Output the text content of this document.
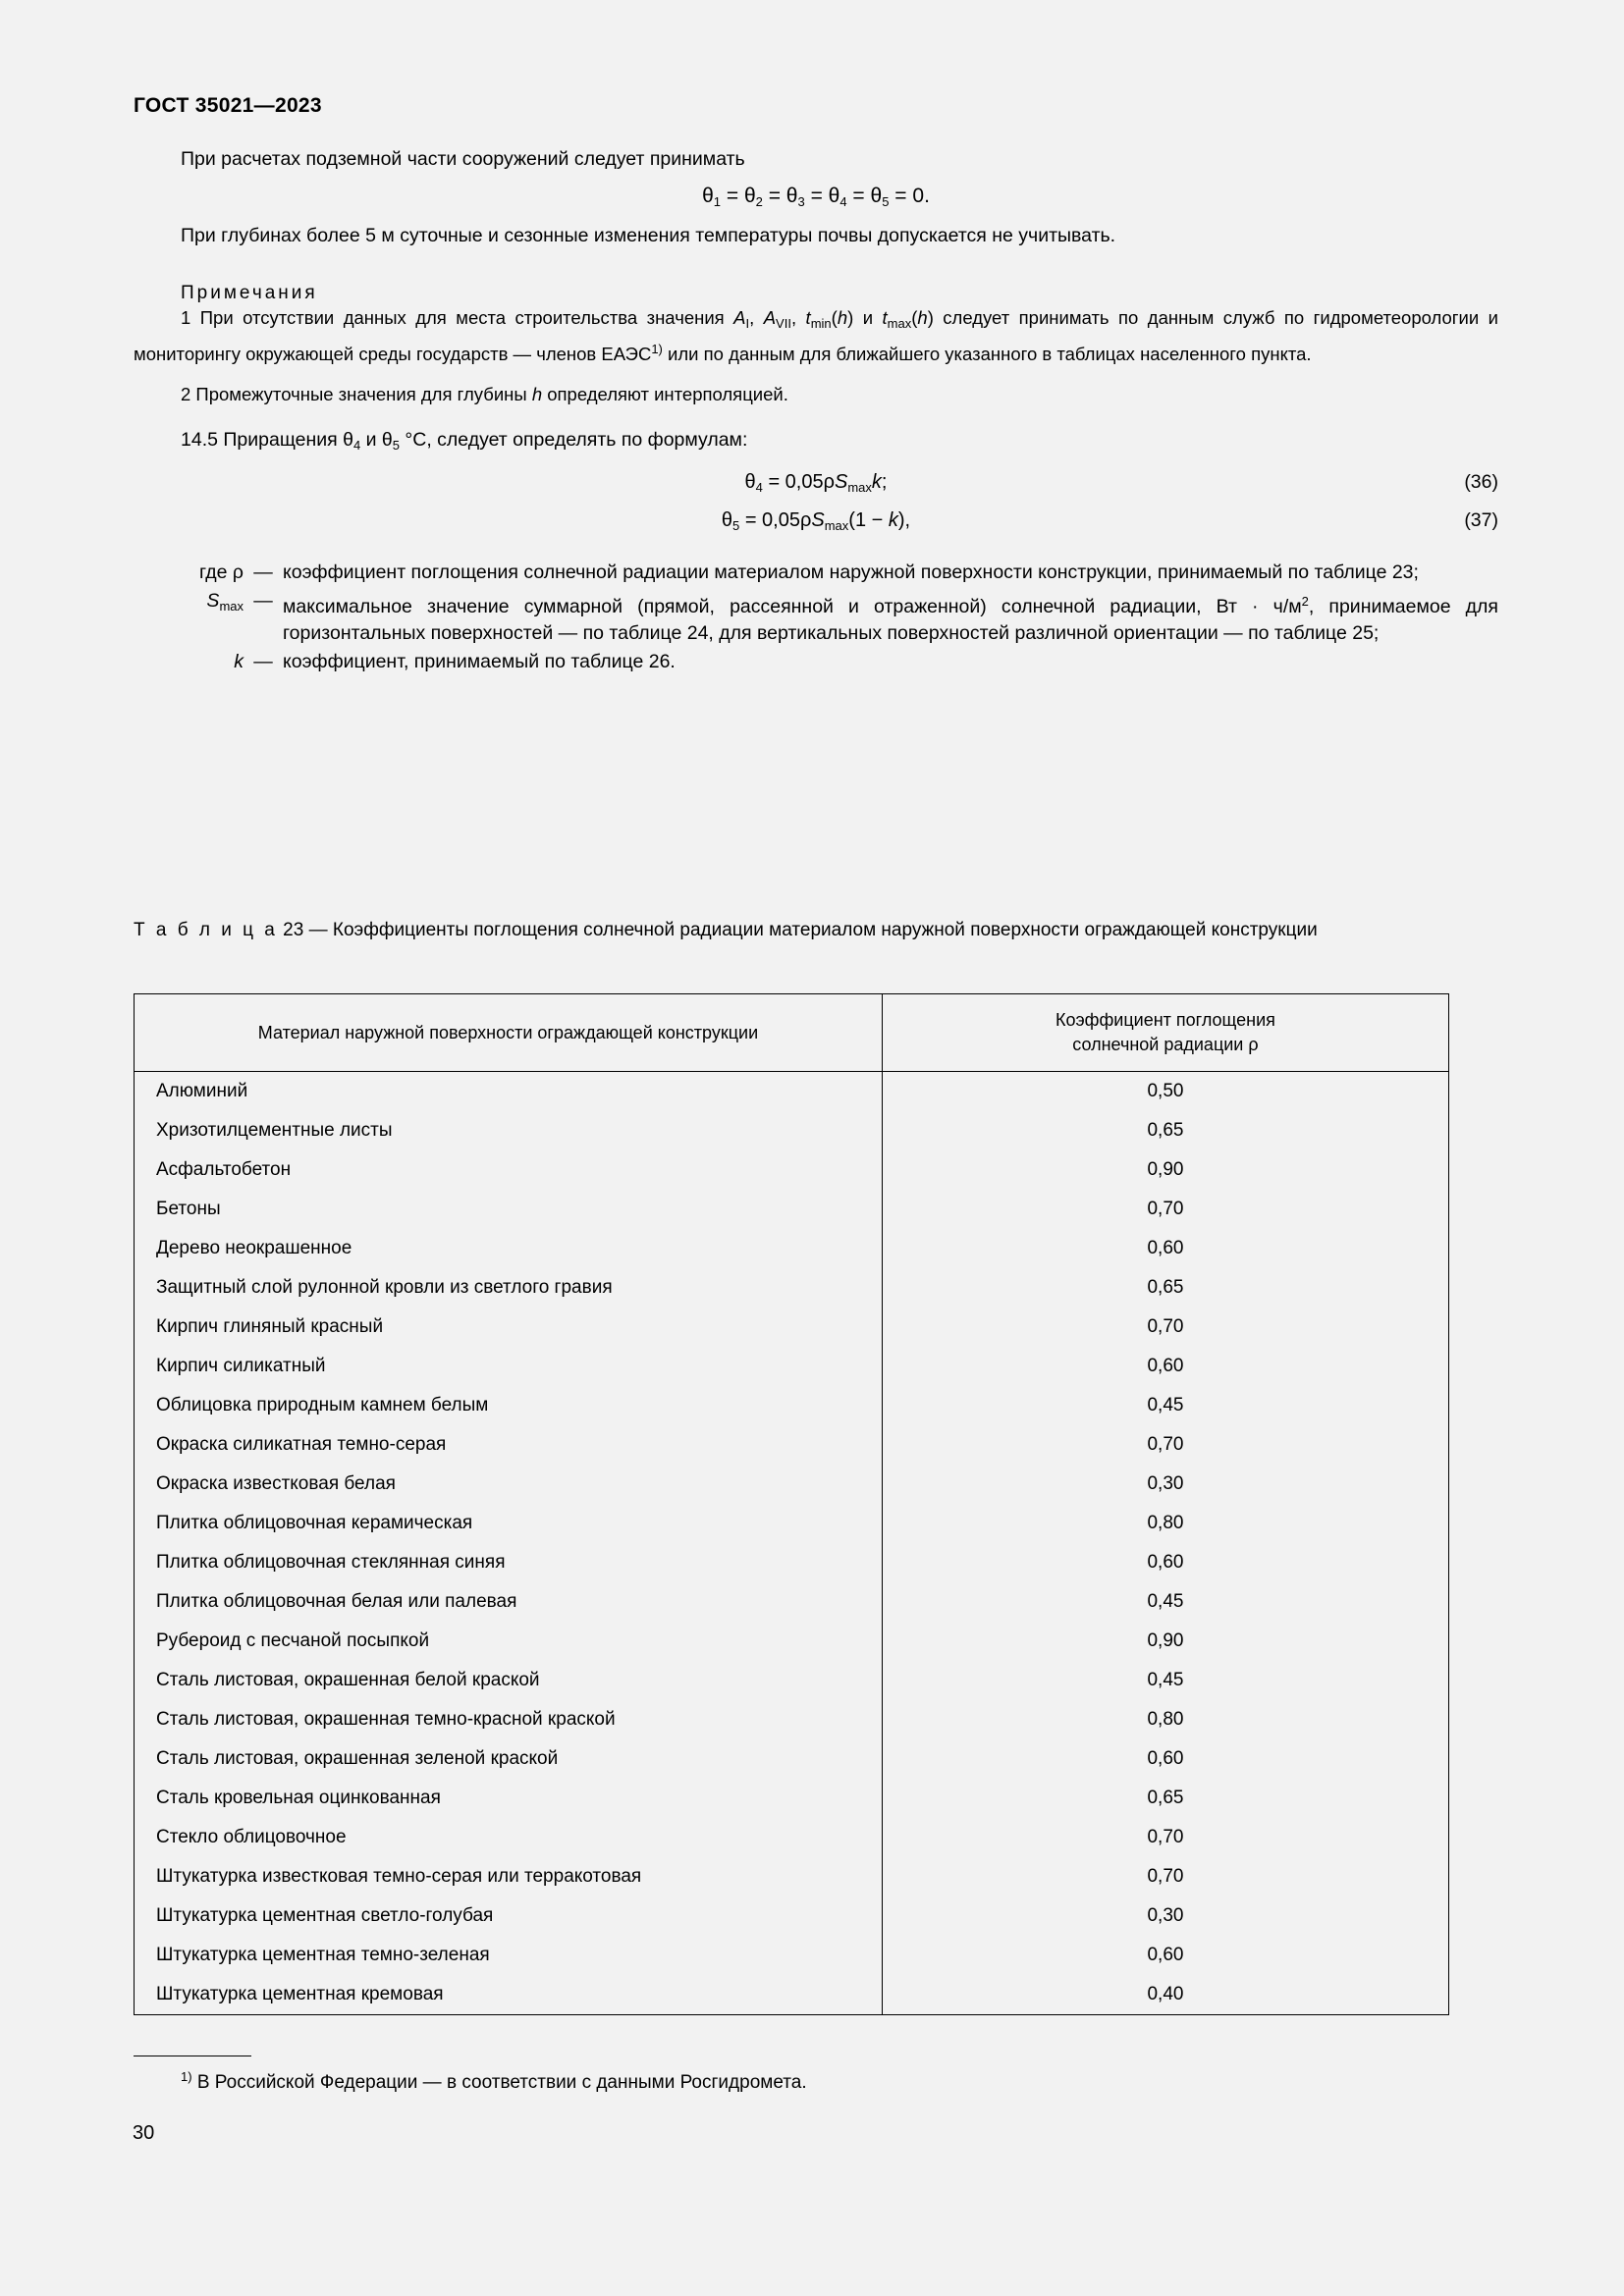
ГОСТ 35021—2023
При расчетах подземной части сооружений следует принимать
$\theta_1 = \theta_2 = \theta_3 = \theta_4 = \theta_5 = 0$.
При глубинах более 5 м суточные и сезонные изменения температуры почвы допускается не учитывать.
Примечания
1 При отсутствии данных для места строительства значения $A_I$, $A_{VII}$, $t_{min}(h)$ и $t_{max}(h)$ следует принимать по данным служб по гидрометеорологии и мониторингу окружающей среды государств — членов ЕАЭС$^{1)}$ или по данным для ближайшего указанного в таблицах населенного пункта.
2 Промежуточные значения для глубины h определяют интерполяцией.
14.5 Приращения $\theta_4$ и $\theta_5$ °С, следует определять по формулам:
$\theta_4 = 0,05\rho S_{max}k$;	(36)
$\theta_5 = 0,05\rho S_{max}(1 - k)$,	(37)
где ρ — коэффициент поглощения солнечной радиации материалом наружной поверхности конструкции, принимаемый по таблице 23;
$S_{max}$ — максимальное значение суммарной (прямой, рассеянной и отраженной) солнечной радиации, Вт · $ч/м^2$, принимаемое для горизонтальных поверхностей — по таблице 24, для вертикальных поверхностей различной ориентации — по таблице 25;
k — коэффициент, принимаемый по таблице 26.
Т а б л и ц а 23 — Коэффициенты поглощения солнечной радиации материалом наружной поверхности ограждающей конструкции
Материал наружной поверхности ограждающей конструкции	Коэффициент поглощения
солнечной радиации ρ
Алюминий	0,50
Хризотилцементные листы	0,65
Асфальтобетон	0,90
Бетоны	0,70
Дерево неокрашенное	0,60
Защитный слой рулонной кровли из светлого гравия	0,65
Кирпич глиняный красный	0,70
Кирпич силикатный	0,60
Облицовка природным камнем белым	0,45
Окраска силикатная темно-серая	0,70
Окраска известковая белая	0,30
Плитка облицовочная керамическая	0,80
Плитка облицовочная стеклянная синяя	0,60
Плитка облицовочная белая или палевая	0,45
Рубероид с песчаной посыпкой	0,90
Сталь листовая, окрашенная белой краской	0,45
Сталь листовая, окрашенная темно-красной краской	0,80
Сталь листовая, окрашенная зеленой краской	0,60
Сталь кровельная оцинкованная	0,65
Стекло облицовочное	0,70
Штукатурка известковая темно-серая или терракотовая	0,70
Штукатурка цементная светло-голубая	0,30
Штукатурка цементная темно-зеленая	0,60
Штукатурка цементная кремовая	0,40
$^{1)}$ В Российской Федерации — в соответствии с данными Росгидромета.
30
